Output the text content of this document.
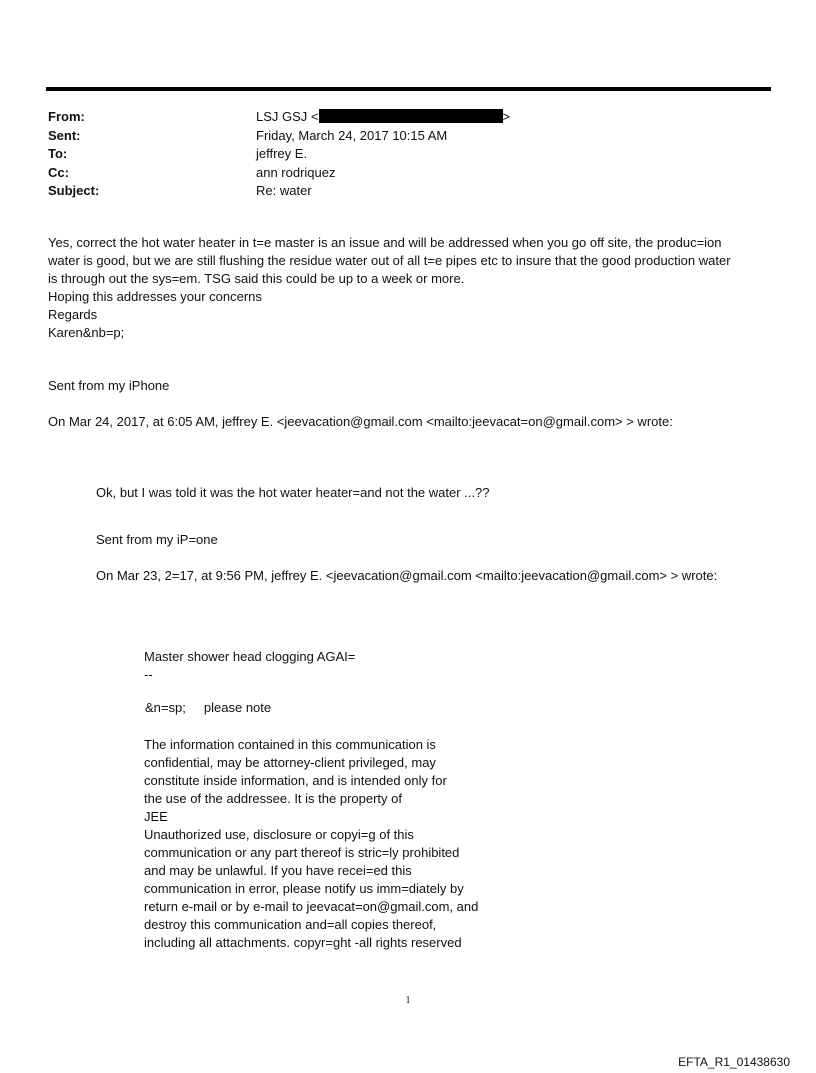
From:	LSJ GSJ <	>
Sent:	Friday, March 24, 2017 10:15 AM
To:	jeffrey E.
Cc:	ann rodriquez
Subject:	Re: water
Yes, correct the hot water heater in t=e master is an issue and will be addressed when you go off site, the produc=ion
water is good, but we are still flushing the residue water out of all t=e pipes etc to insure that the good production water
is through out the sys=em. TSG said this could be up to a week or more.
Hoping this addresses your concerns
Regards
Karen&nb=p;
Sent from my iPhone
On Mar 24, 2017, at 6:05 AM, jeffrey E. <jeevacation@gmail.com <mailto:jeevacat=on@gmail.com> > wrote:
Ok, but I was told it was the hot water heater=and not the water ...??
Sent from my iP=one
On Mar 23, 2=17, at 9:56 PM, jeffrey E. <jeevacation@gmail.com <mailto:jeevacation@gmail.com> > wrote:
Master shower head clogging AGAI=
--
&n=sp;     please note
The information contained in this communication is
confidential, may be attorney-client privileged, may
constitute inside information, and is intended only for
the use of the addressee. It is the property of
JEE
Unauthorized use, disclosure or copyi=g of this
communication or any part thereof is stric=ly prohibited
and may be unlawful. If you have recei=ed this
communication in error, please notify us imm=diately by
return e-mail or by e-mail to jeevacat=on@gmail.com, and
destroy this communication and=all copies thereof,
including all attachments. copyr=ght -all rights reserved
1
EFTA_R1_01438630
